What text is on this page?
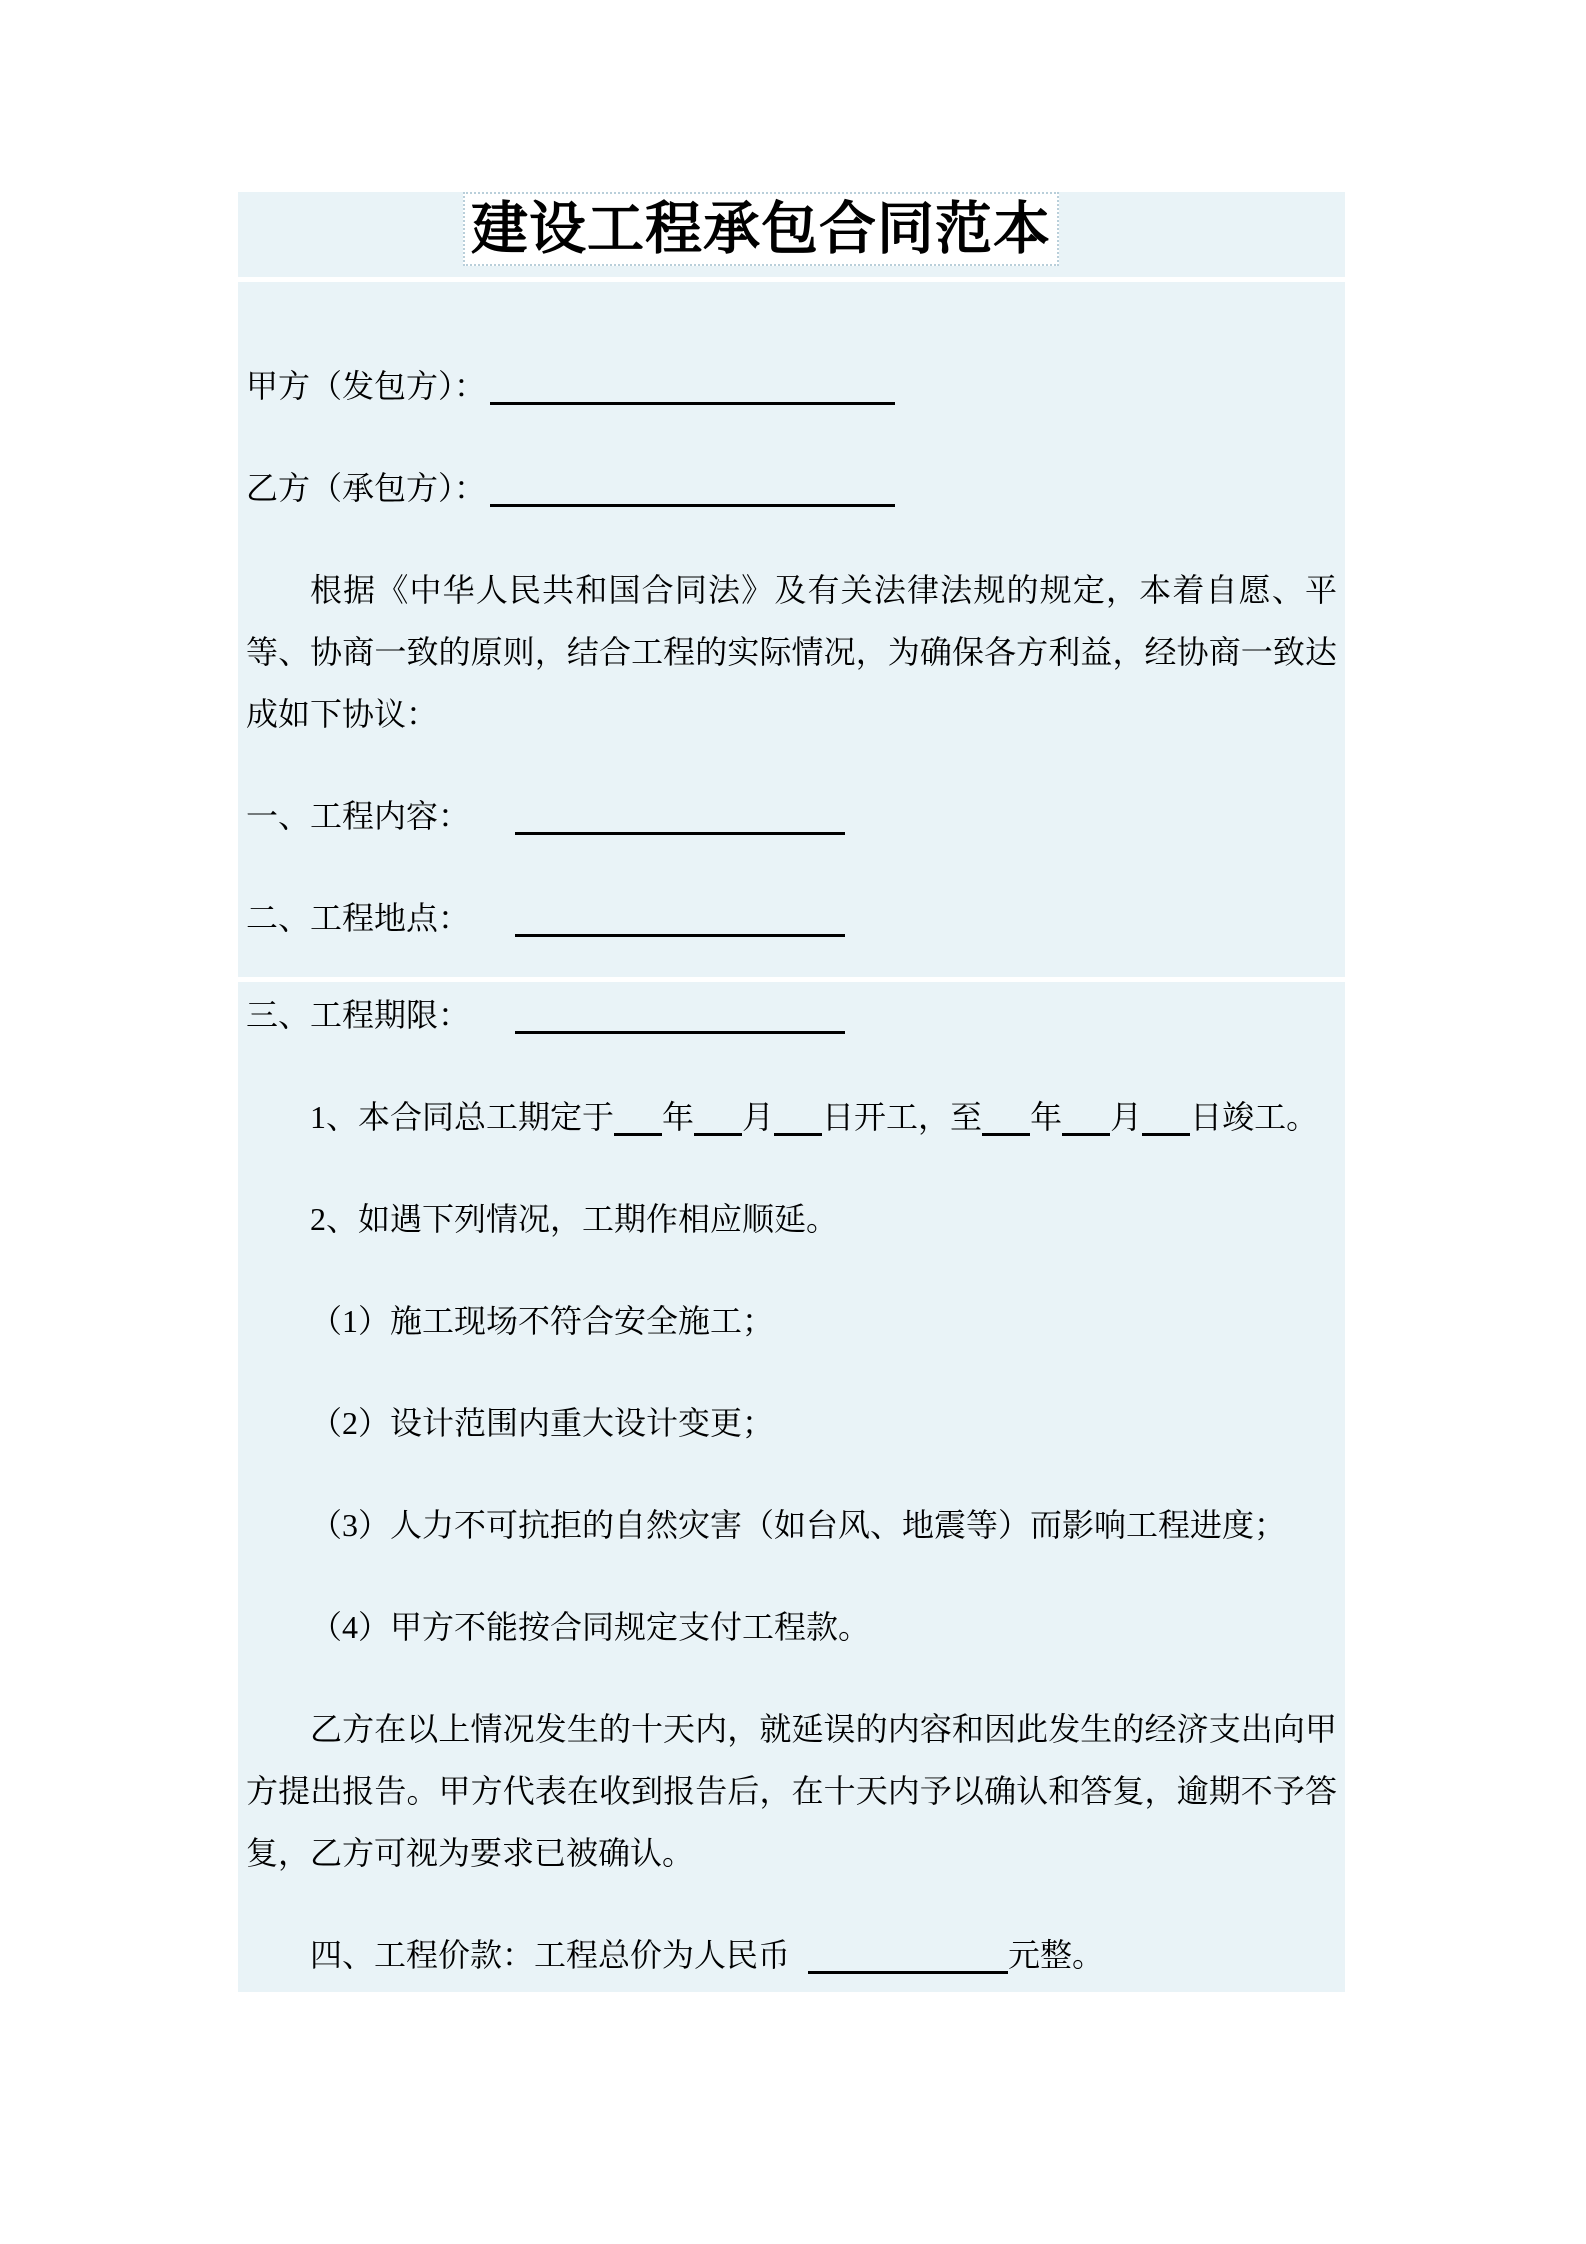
建设工程承包合同范本

甲方（发包方）：

乙方（承包方）：

根据《中华人民共和国合同法》及有关法律法规的规定，本着自愿、平等、协商一致的原则，结合工程的实际情况，为确保各方利益，经协商一致达成如下协议：

一、工程内容：

二、工程地点：

三、工程期限：

1、本合同总工期定于 年 月 日开工，至 年 月 日竣工。

2、如遇下列情况，工期作相应顺延。

（1）施工现场不符合安全施工；

（2）设计范围内重大设计变更；

（3）人力不可抗拒的自然灾害（如台风、地震等）而影响工程进度；

（4）甲方不能按合同规定支付工程款。

乙方在以上情况发生的十天内，就延误的内容和因此发生的经济支出向甲方提出报告。甲方代表在收到报告后，在十天内予以确认和答复，逾期不予答复，乙方可视为要求已被确认。

四、工程价款：工程总价为人民币	元整。
